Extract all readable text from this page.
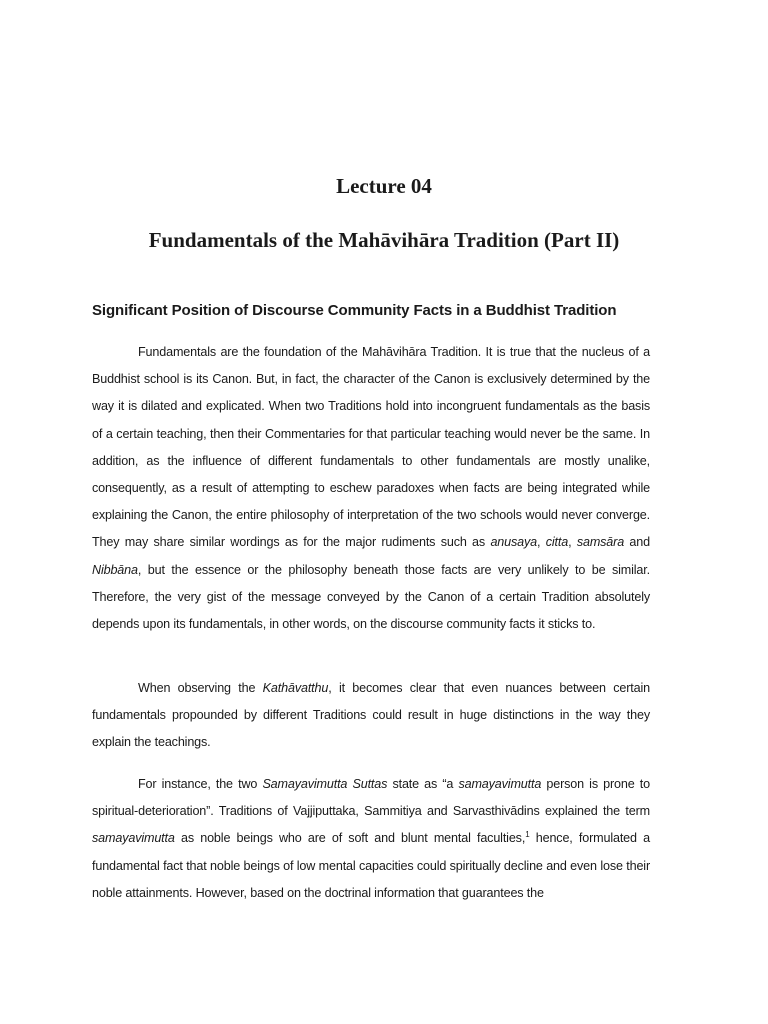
Lecture 04
Fundamentals of the Mahāvihāra Tradition (Part II)
Significant Position of Discourse Community Facts in a Buddhist Tradition

Fundamentals are the foundation of the Mahāvihāra Tradition. It is true that the nucleus of a Buddhist school is its Canon. But, in fact, the character of the Canon is exclusively determined by the way it is dilated and explicated. When two Traditions hold into incongruent fundamentals as the basis of a certain teaching, then their Commentaries for that particular teaching would never be the same. In addition, as the influence of different fundamentals to other fundamentals are mostly unalike, consequently, as a result of attempting to eschew paradoxes when facts are being integrated while explaining the Canon, the entire philosophy of interpretation of the two schools would never converge. They may share similar wordings as for the major rudiments such as anusaya, citta, samsāra and Nibbāna, but the essence or the philosophy beneath those facts are very unlikely to be similar. Therefore, the very gist of the message conveyed by the Canon of a certain Tradition absolutely depends upon its fundamentals, in other words, on the discourse community facts it sticks to.

When observing the Kathāvatthu, it becomes clear that even nuances between certain fundamentals propounded by different Traditions could result in huge distinctions in the way they explain the teachings.

For instance, the two Samayavimutta Suttas state as “a samayavimutta person is prone to spiritual-deterioration”. Traditions of Vajjiputtaka, Sammitiya and Sarvasthivādins explained the term samayavimutta as noble beings who are of soft and blunt mental faculties,$^1$ hence, formulated a fundamental fact that noble beings of low mental capacities could spiritually decline and even lose their noble attainments. However, based on the doctrinal information that guarantees the
